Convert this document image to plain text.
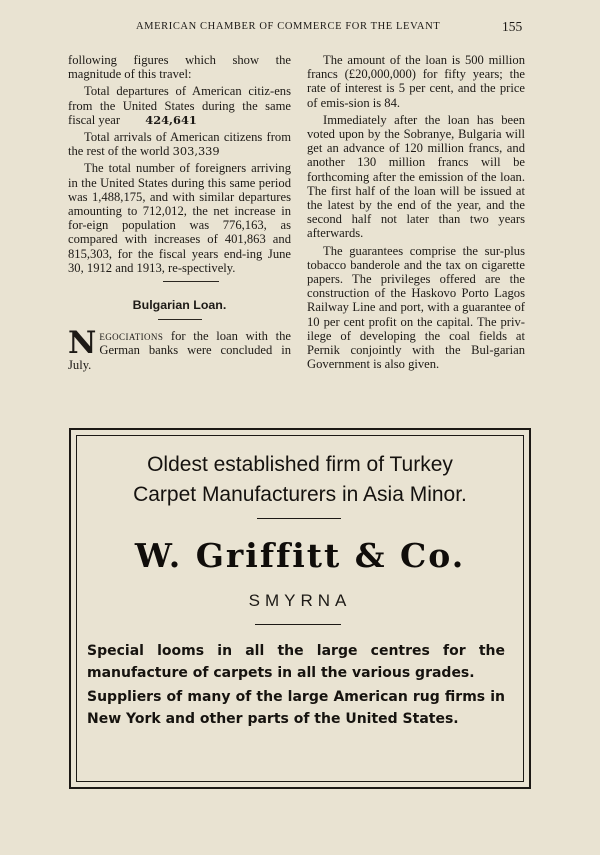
AMERICAN CHAMBER OF COMMERCE FOR THE LEVANT	155

following figures which show the magnitude of this travel:

Total departures of American citiz-ens from the United States during the same fiscal year 424,641

Total arrivals of American citizens from the rest of the world 303,339

The total number of foreigners arriving in the United States during this same period was 1,488,175, and with similar departures amounting to 712,012, the net increase in for-eign population was 776,163, as compared with increases of 401,863 and 815,303, for the fiscal years end-ing June 30, 1912 and 1913, re-spectively.

Bulgarian Loan.

Negociations for the loan with the German banks were concluded in July.

The amount of the loan is 500 million francs (£20,000,000) for fifty years; the rate of interest is 5 per cent, and the price of emis-sion is 84.

Immediately after the loan has been voted upon by the Sobranye, Bulgaria will get an advance of 120 million francs, and another 130 million francs will be forthcoming after the emission of the loan. The first half of the loan will be issued at the latest by the end of the year, and the second half not later than two years afterwards.

The guarantees comprise the sur-plus tobacco banderole and the tax on cigarette papers. The privileges offered are the construction of the Haskovo Porto Lagos Railway Line and port, with a guarantee of 10 per cent profit on the capital. The priv-ilege of developing the coal fields at Pernik conjointly with the Bul-garian Government is also given.

Oldest established firm of Turkey
Carpet Manufacturers in Asia Minor.
W. Griffitt & Co.
SMYRNA

Special looms in all the large centres for the manufacture of carpets in all the various grades.

Suppliers of many of the large American rug firms in New York and other parts of the United States.
